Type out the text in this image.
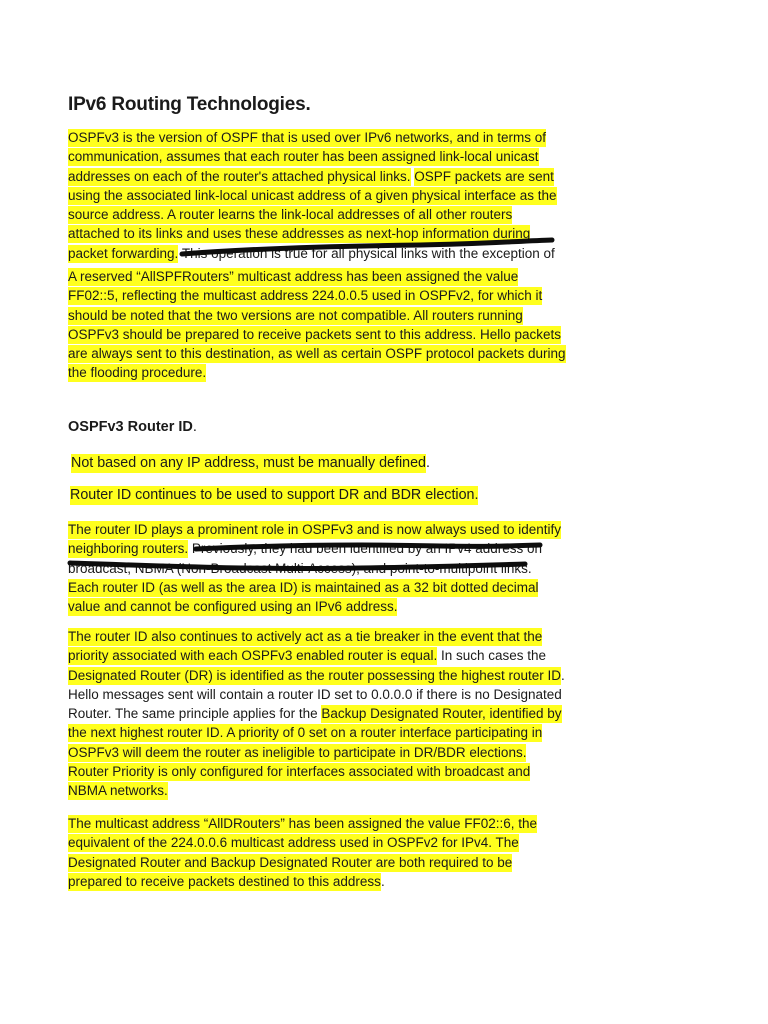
IPv6 Routing Technologies.
OSPFv3 is the version of OSPF that is used over IPv6 networks, and in terms of
communication, assumes that each router has been assigned link-local unicast
addresses on each of the router's attached physical links. OSPF packets are sent
using the associated link-local unicast address of a given physical interface as the
source address. A router learns the link-local addresses of all other routers
attached to its links and uses these addresses as next-hop information during
packet forwarding. This operation is true for all physical links with the exception of
A reserved “AllSPFRouters” multicast address has been assigned the value
FF02::5, reflecting the multicast address 224.0.0.5 used in OSPFv2, for which it
should be noted that the two versions are not compatible. All routers running
OSPFv3 should be prepared to receive packets sent to this address. Hello packets
are always sent to this destination, as well as certain OSPF protocol packets during
the flooding procedure.
OSPFv3 Router ID.
Not based on any IP address, must be manually defined.
Router ID continues to be used to support DR and BDR election.
The router ID plays a prominent role in OSPFv3 and is now always used to identify
neighboring routers. Previously, they had been identified by an IPv4 address on
broadcast, NBMA (Non-Broadcast Multi-Access), and point-to-multipoint links.
Each router ID (as well as the area ID) is maintained as a 32 bit dotted decimal
value and cannot be configured using an IPv6 address.
The router ID also continues to actively act as a tie breaker in the event that the
priority associated with each OSPFv3 enabled router is equal. In such cases the
Designated Router (DR) is identified as the router possessing the highest router ID.
Hello messages sent will contain a router ID set to 0.0.0.0 if there is no Designated
Router. The same principle applies for the Backup Designated Router, identified by
the next highest router ID. A priority of 0 set on a router interface participating in
OSPFv3 will deem the router as ineligible to participate in DR/BDR elections.
Router Priority is only configured for interfaces associated with broadcast and
NBMA networks.
The multicast address “AllDRouters” has been assigned the value FF02::6, the
equivalent of the 224.0.0.6 multicast address used in OSPFv2 for IPv4. The
Designated Router and Backup Designated Router are both required to be
prepared to receive packets destined to this address.
